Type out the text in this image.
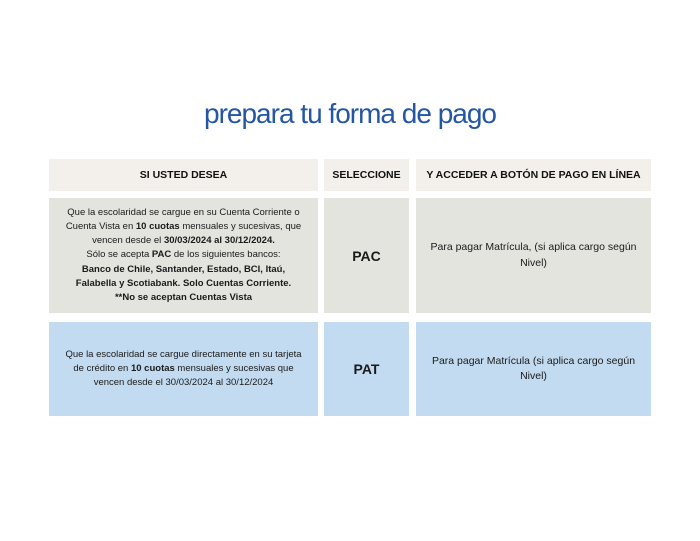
prepara tu forma de pago
SI USTED DESEA	SELECCIONE Y ACCEDER A BOTÓN DE PAGO EN LÍNEA
Que la escolaridad se cargue en su Cuenta Corriente o
Cuenta Vista en 10 cuotas mensuales y sucesivas, que
vencen desde el 30/03/2024 al 30/12/2024.
Sólo se acepta PAC de los siguientes bancos:
Banco de Chile, Santander, Estado, BCI, Itaú,
Falabella y Scotiabank. Solo Cuentas Corriente.
**No se aceptan Cuentas Vista
PAC
Para pagar Matrícula, (si aplica cargo según
Nivel)
Que la escolaridad se cargue directamente en su tarjeta
de crédito en 10 cuotas mensuales y sucesivas que
vencen desde el 30/03/2024 al 30/12/2024
PAT
Para pagar Matrícula (si aplica cargo según
Nivel)
